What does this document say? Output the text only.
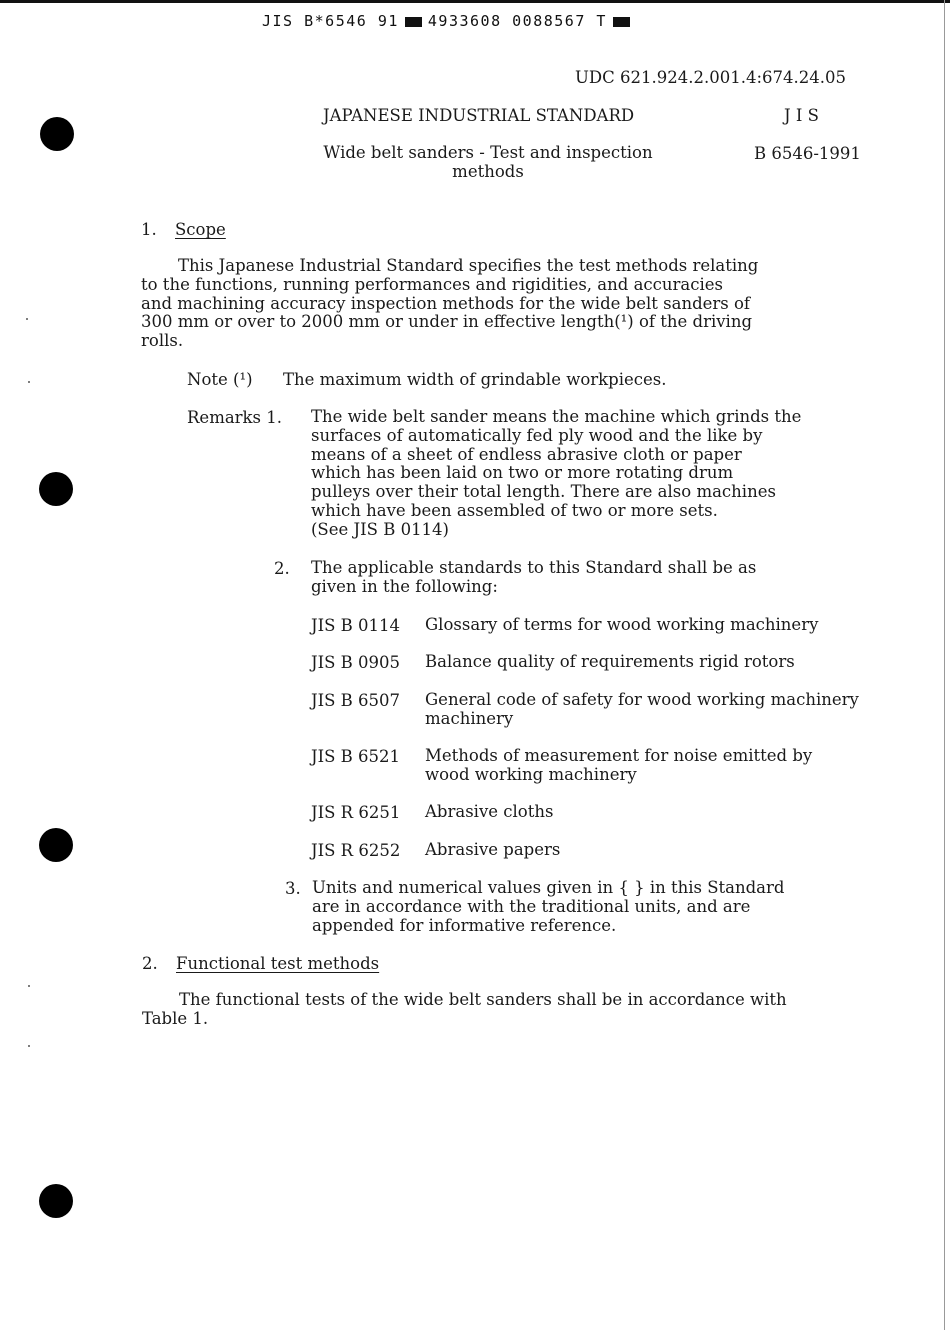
JIS B*6546 91 4933608 0088567 T
UDC 621.924.2.001.4:674.24.05
JAPANESE INDUSTRIAL STANDARD	J I S
Wide belt sanders - Test and inspection
methods
B 6546-1991
1. Scope
This Japanese Industrial Standard specifies the test methods relating
to the functions, running performances and rigidities, and accuracies
and machining accuracy inspection methods for the wide belt sanders of
300 mm or over to 2000 mm or under in effective length(¹) of the driving
rolls.
Note (¹) The maximum width of grindable workpieces.
Remarks 1. The wide belt sander means the machine which grinds the
surfaces of automatically fed ply wood and the like by
means of a sheet of endless abrasive cloth or paper
which has been laid on two or more rotating drum
pulleys over their total length. There are also machines
which have been assembled of two or more sets.
(See JIS B 0114)
2. The applicable standards to this Standard shall be as
given in the following:
JIS B 0114 Glossary of terms for wood working machinery
JIS B 0905 Balance quality of requirements rigid rotors
JIS B 6507 General code of safety for wood working machinery
machinery
JIS B 6521 Methods of measurement for noise emitted by
wood working machinery
JIS R 6251 Abrasive cloths
JIS R 6252 Abrasive papers
3. Units and numerical values given in { } in this Standard
are in accordance with the traditional units, and are
appended for informative reference.
2. Functional test methods
The functional tests of the wide belt sanders shall be in accordance with
Table 1.
